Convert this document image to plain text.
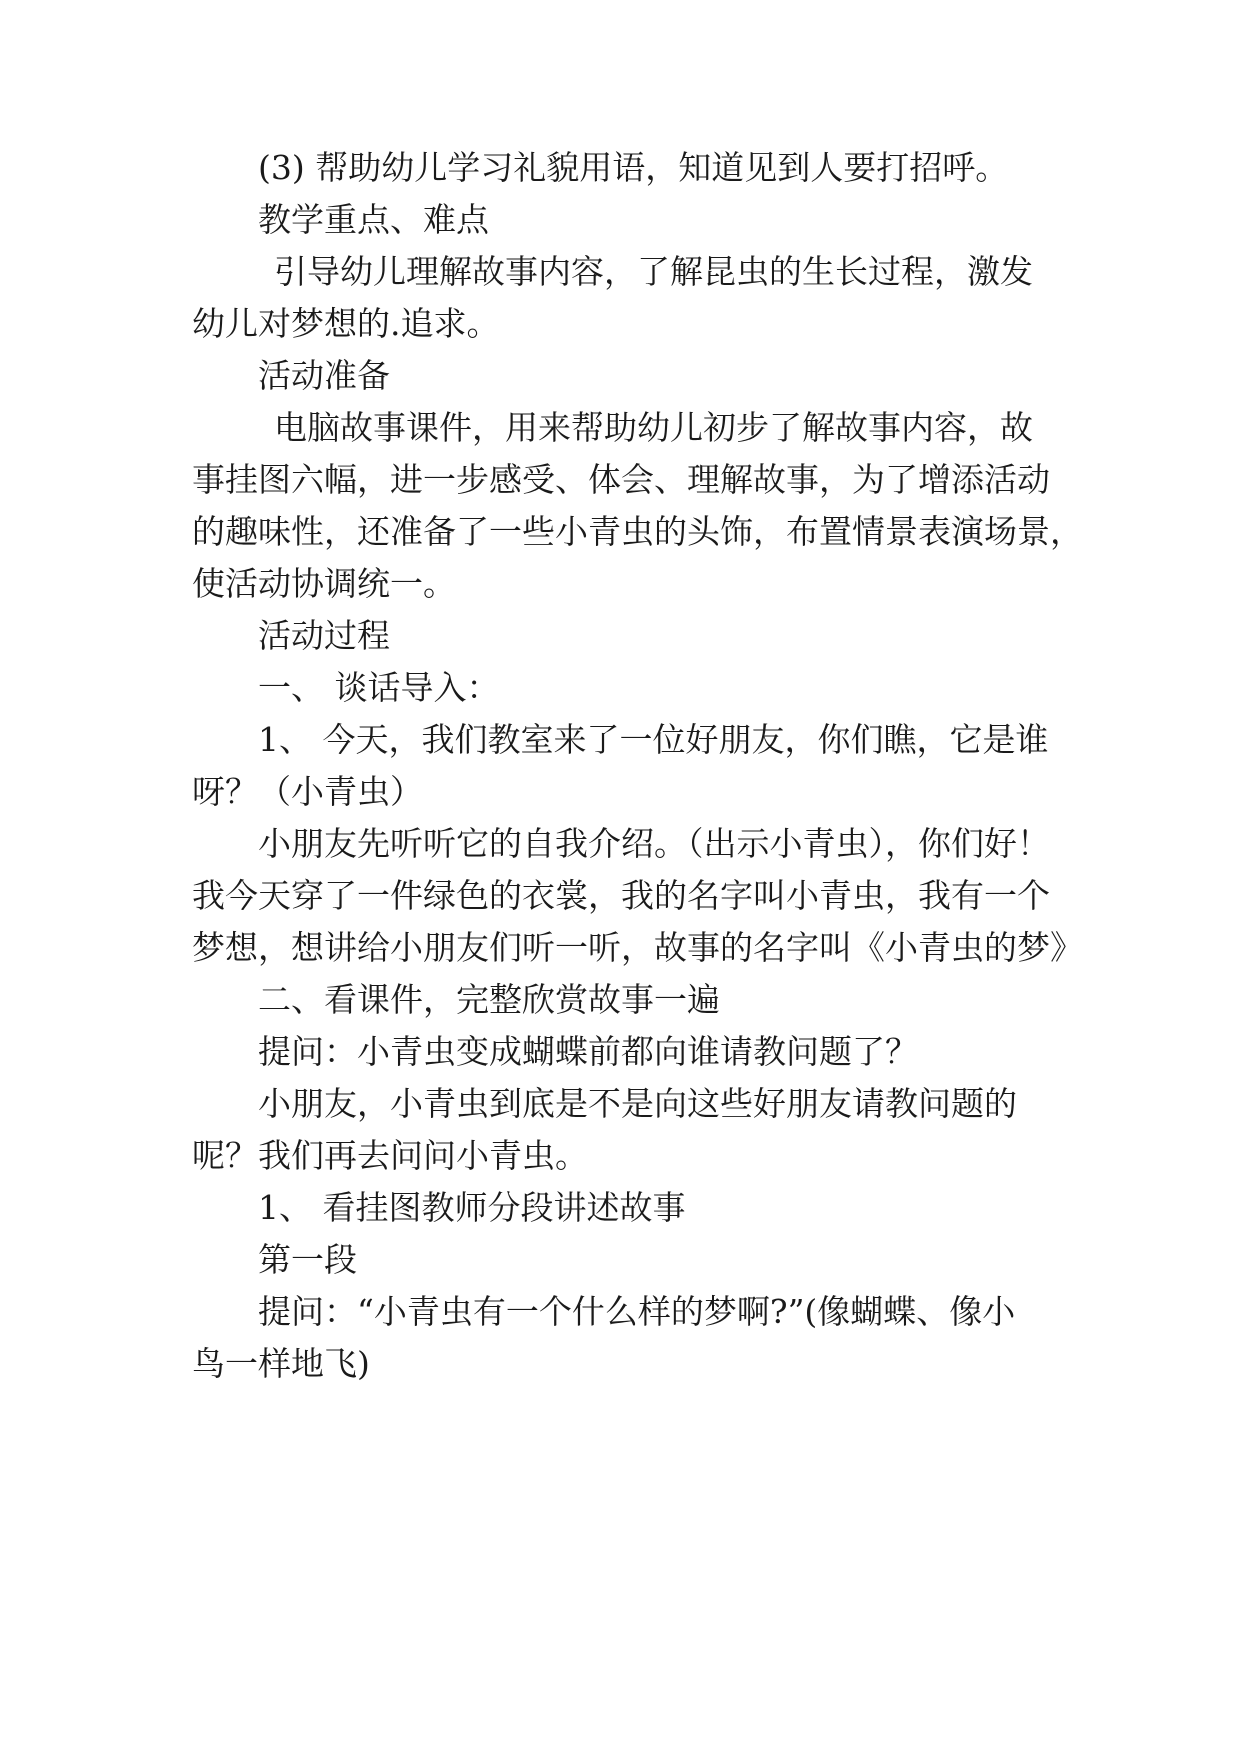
(3) 帮助幼儿学习礼貌用语，知道见到人要打招呼。
教学重点、难点
引导幼儿理解故事内容，了解昆虫的生长过程，激发
幼儿对梦想的.追求。
活动准备
电脑故事课件，用来帮助幼儿初步了解故事内容，故
事挂图六幅，进一步感受、体会、理解故事，为了增添活动
的趣味性，还准备了一些小青虫的头饰，布置情景表演场景，
使活动协调统一。
活动过程
一、 谈话导入：
1、 今天，我们教室来了一位好朋友，你们瞧，它是谁
呀？（小青虫）
小朋友先听听它的自我介绍。（出示小青虫），你们好！
我今天穿了一件绿色的衣裳，我的名字叫小青虫，我有一个
梦想，想讲给小朋友们听一听，故事的名字叫《小青虫的梦》
二、看课件，完整欣赏故事一遍
提问：小青虫变成蝴蝶前都向谁请教问题了？
小朋友，小青虫到底是不是向这些好朋友请教问题的
呢？我们再去问问小青虫。
1、 看挂图教师分段讲述故事
第一段
提问：“小青虫有一个什么样的梦啊?”(像蝴蝶、像小
鸟一样地飞)
